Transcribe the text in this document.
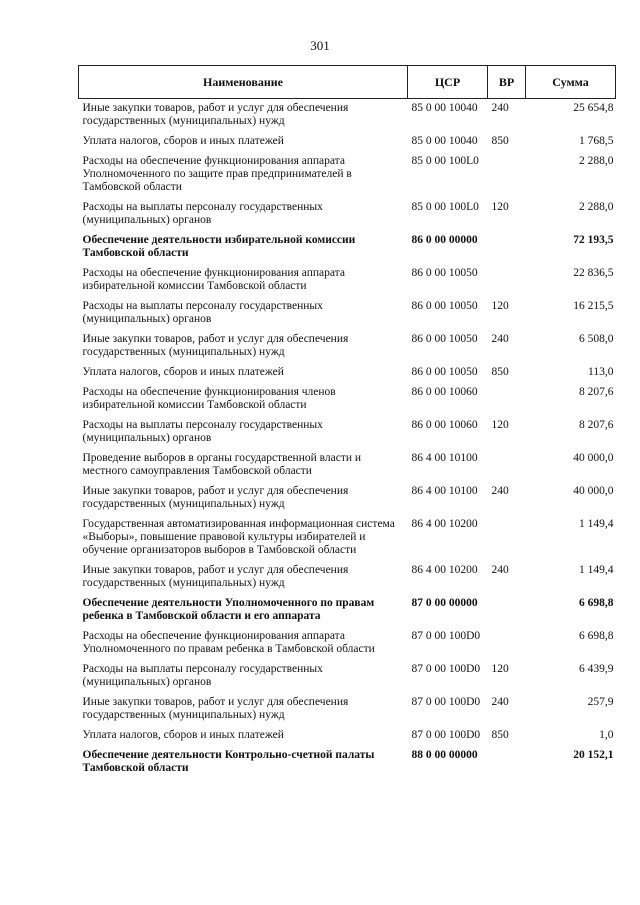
301
Наименование	ЦСР	ВР	Сумма
Иные закупки товаров, работ и услуг для обеспечения государственных (муниципальных) нужд	85 0 00 10040	240	25 654,8
Уплата налогов, сборов и иных платежей	85 0 00 10040	850	1 768,5
Расходы на обеспечение функционирования аппарата Уполномоченного по защите прав предпринимателей в Тамбовской области	85 0 00 100L0		2 288,0
Расходы на выплаты персоналу государственных (муниципальных) органов	85 0 00 100L0	120	2 288,0
Обеспечение деятельности избирательной комиссии Тамбовской области	86 0 00 00000		72 193,5
Расходы на обеспечение функционирования аппарата избирательной комиссии Тамбовской области	86 0 00 10050		22 836,5
Расходы на выплаты персоналу государственных (муниципальных) органов	86 0 00 10050	120	16 215,5
Иные закупки товаров, работ и услуг для обеспечения государственных (муниципальных) нужд	86 0 00 10050	240	6 508,0
Уплата налогов, сборов и иных платежей	86 0 00 10050	850	113,0
Расходы на обеспечение функционирования членов избирательной комиссии Тамбовской области	86 0 00 10060		8 207,6
Расходы на выплаты персоналу государственных (муниципальных) органов	86 0 00 10060	120	8 207,6
Проведение выборов в органы государственной власти и местного самоуправления Тамбовской области	86 4 00 10100		40 000,0
Иные закупки товаров, работ и услуг для обеспечения государственных (муниципальных) нужд	86 4 00 10100	240	40 000,0
Государственная автоматизированная информационная система «Выборы», повышение правовой культуры избирателей и обучение организаторов выборов в Тамбовской области	86 4 00 10200		1 149,4
Иные закупки товаров, работ и услуг для обеспечения государственных (муниципальных) нужд	86 4 00 10200	240	1 149,4
Обеспечение деятельности Уполномоченного по правам ребенка в Тамбовской области и его аппарата	87 0 00 00000		6 698,8
Расходы на обеспечение функционирования аппарата Уполномоченного по правам ребенка в Тамбовской области	87 0 00 100D0		6 698,8
Расходы на выплаты персоналу государственных (муниципальных) органов	87 0 00 100D0	120	6 439,9
Иные закупки товаров, работ и услуг для обеспечения государственных (муниципальных) нужд	87 0 00 100D0	240	257,9
Уплата налогов, сборов и иных платежей	87 0 00 100D0	850	1,0
Обеспечение деятельности Контрольно-счетной палаты Тамбовской области	88 0 00 00000		20 152,1
